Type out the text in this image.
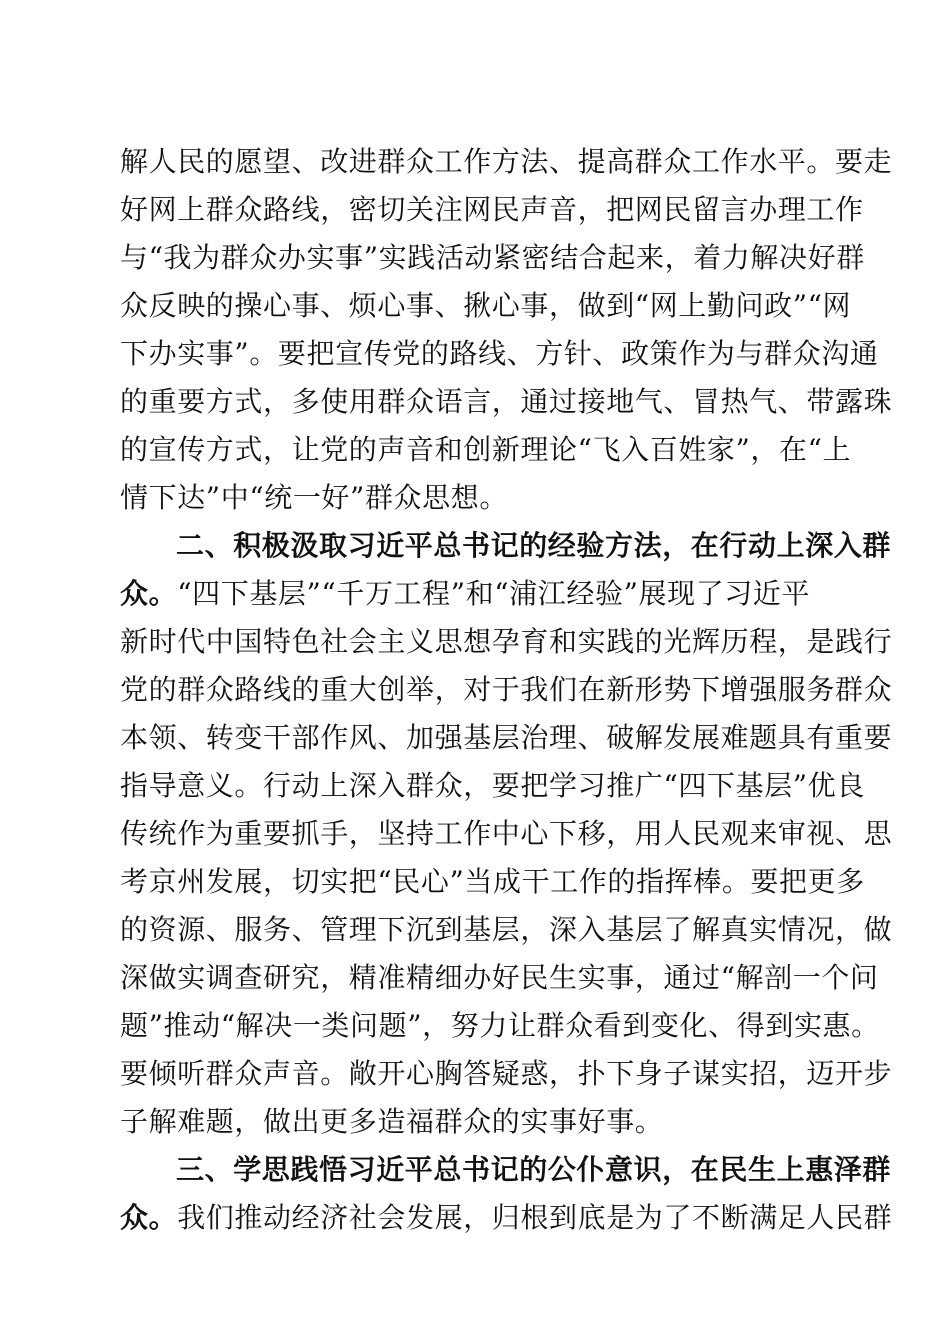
解人民的愿望、改进群众工作方法、提高群众工作水平。要走
好网上群众路线，密切关注网民声音，把网民留言办理工作
与“我为群众办实事”实践活动紧密结合起来，着力解决好群
众反映的操心事、烦心事、揪心事，做到“网上勤问政”“网
下办实事”。要把宣传党的路线、方针、政策作为与群众沟通
的重要方式，多使用群众语言，通过接地气、冒热气、带露珠
的宣传方式，让党的声音和创新理论“飞入百姓家”，在“上
情下达”中“统一好”群众思想。
二、积极汲取习近平总书记的经验方法，在行动上深入群
众。“四下基层”“千万工程”和“浦江经验”展现了习近平
新时代中国特色社会主义思想孕育和实践的光辉历程，是践行
党的群众路线的重大创举，对于我们在新形势下增强服务群众
本领、转变干部作风、加强基层治理、破解发展难题具有重要
指导意义。行动上深入群众，要把学习推广“四下基层”优良
传统作为重要抓手，坚持工作中心下移，用人民观来审视、思
考京州发展，切实把“民心”当成干工作的指挥棒。要把更多
的资源、服务、管理下沉到基层，深入基层了解真实情况，做
深做实调查研究，精准精细办好民生实事，通过“解剖一个问
题”推动“解决一类问题”，努力让群众看到变化、得到实惠。
要倾听群众声音。敞开心胸答疑惑，扑下身子谋实招，迈开步
子解难题，做出更多造福群众的实事好事。
三、学思践悟习近平总书记的公仆意识，在民生上惠泽群
众。我们推动经济社会发展，归根到底是为了不断满足人民群
